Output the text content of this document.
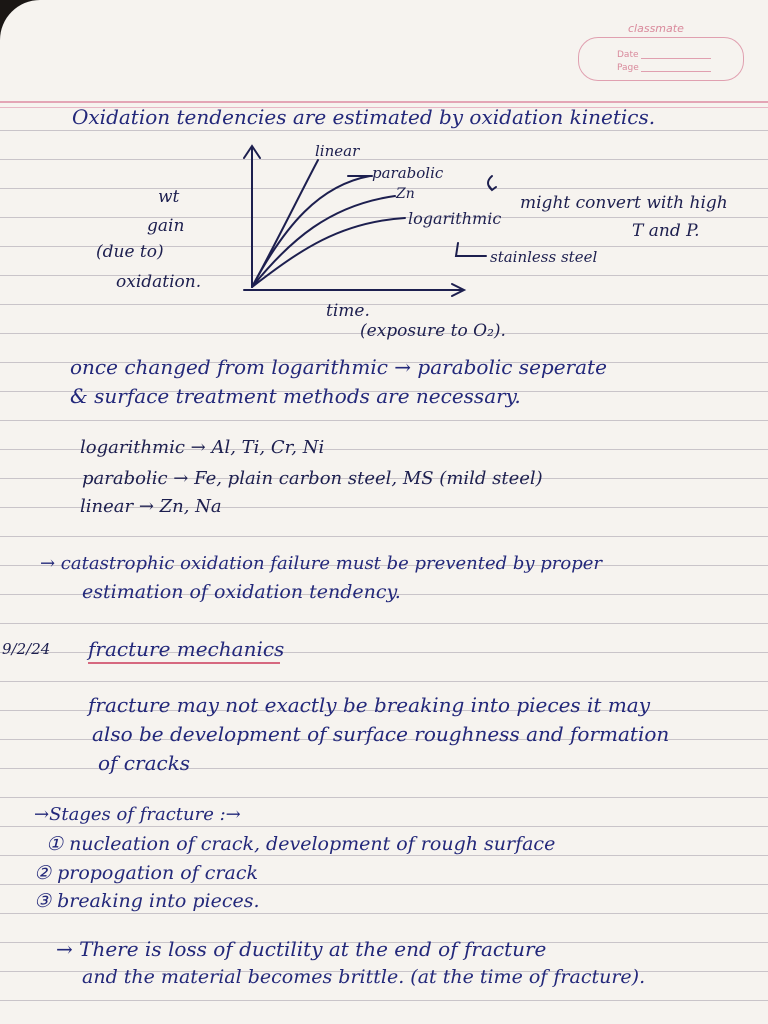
classmate
Date
Page
Oxidation tendencies are estimated by oxidation kinetics.
wt
gain
(due to)
oxidation.
linear
parabolic
Zn
logarithmic
might convert with high
T and P.
stainless steel
time.
(exposure to O₂).
once changed from logarithmic → parabolic seperate
& surface treatment methods are necessary.
logarithmic → Al, Ti, Cr, Ni
parabolic → Fe, plain carbon steel, MS (mild steel)
linear → Zn, Na
→ catastrophic oxidation failure must be prevented by proper
estimation of oxidation tendency.
9/2/24 fracture mechanics
fracture may not exactly be breaking into pieces it may
also be development of surface roughness and formation
of cracks
→Stages of fracture :→
① nucleation of crack, development of rough surface
② propogation of crack
③ breaking into pieces.
→ There is loss of ductility at the end of fracture
and the material becomes brittle. (at the time of fracture).
